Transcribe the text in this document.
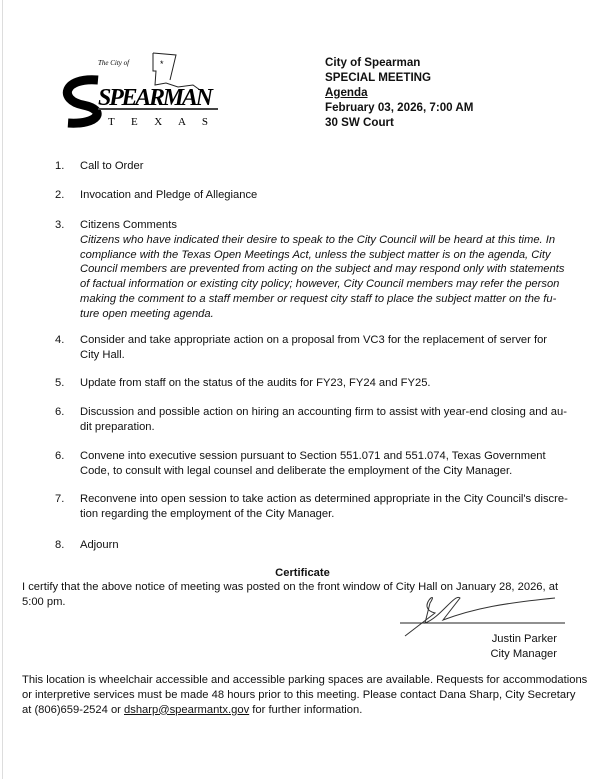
*
The City of
SPEARMAN
T E X A S
City of Spearman
SPECIAL MEETING
Agenda
February 03, 2026, 7:00 AM
30 SW Court
1. Call to Order
2. Invocation and Pledge of Allegiance
3. Citizens Comments
Citizens who have indicated their desire to speak to the City Council will be heard at this time. In
compliance with the Texas Open Meetings Act, unless the subject matter is on the agenda, City
Council members are prevented from acting on the subject and may respond only with statements
of factual information or existing city policy; however, City Council members may refer the person
making the comment to a staff member or request city staff to place the subject matter on the fu-
ture open meeting agenda.
4. Consider and take appropriate action on a proposal from VC3 for the replacement of server for
City Hall.
5. Update from staff on the status of the audits for FY23, FY24 and FY25.
6. Discussion and possible action on hiring an accounting firm to assist with year-end closing and au-
dit preparation.
6. Convene into executive session pursuant to Section 551.071 and 551.074, Texas Government
Code, to consult with legal counsel and deliberate the employment of the City Manager.
7. Reconvene into open session to take action as determined appropriate in the City Council's discre-
tion regarding the employment of the City Manager.
8. Adjourn
Certificate
I certify that the above notice of meeting was posted on the front window of City Hall on January 28, 2026, at
5:00 pm.
Justin Parker
City Manager
This location is wheelchair accessible and accessible parking spaces are available. Requests for accommodations
or interpretive services must be made 48 hours prior to this meeting. Please contact Dana Sharp, City Secretary
at (806)659-2524 or dsharp@spearmantx.gov for further information.
